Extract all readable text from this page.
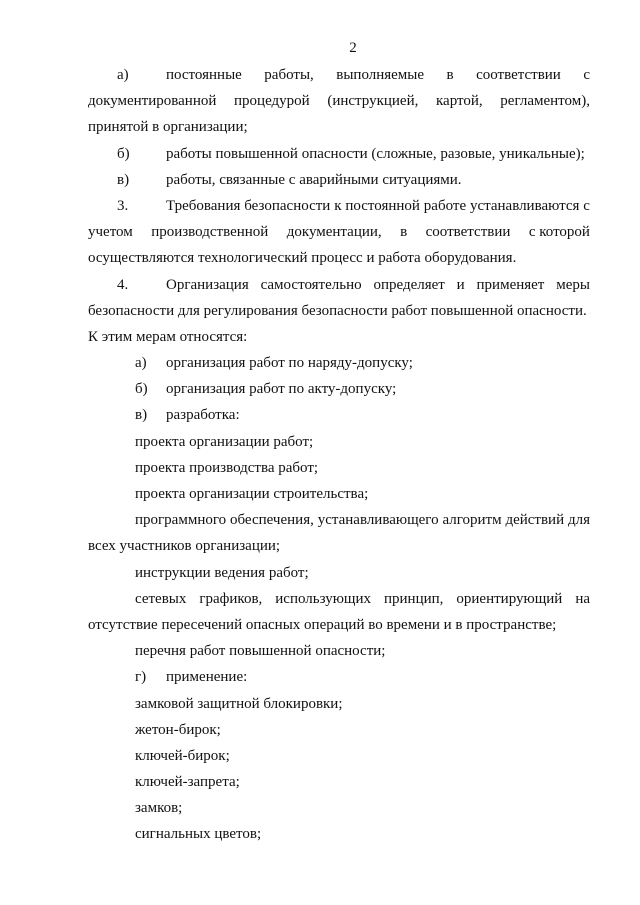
2
а)	постоянные работы, выполняемые в соответствии с
документированной процедурой (инструкцией, картой, регламентом),
принятой в организации;
б)	работы повышенной опасности (сложные, разовые, уникальные);
в)	работы, связанные с аварийными ситуациями.
3.	Требования безопасности к постоянной работе устанавливаются с
учетом производственной документации, в соответствии с которой
осуществляются технологический процесс и работа оборудования.
4.	Организация самостоятельно определяет и применяет меры
безопасности для регулирования безопасности работ повышенной опасности.
К этим мерам относятся:
а)	организация работ по наряду-допуску;
б)	организация работ по акту-допуску;
в)	разработка:
проекта организации работ;
проекта производства работ;
проекта организации строительства;
программного обеспечения, устанавливающего алгоритм действий для
всех участников организации;
инструкции ведения работ;
сетевых графиков, использующих принцип, ориентирующий на
отсутствие пересечений опасных операций во времени и в пространстве;
перечня работ повышенной опасности;
г)	применение:
замковой защитной блокировки;
жетон-бирок;
ключей-бирок;
ключей-запрета;
замков;
сигнальных цветов;
